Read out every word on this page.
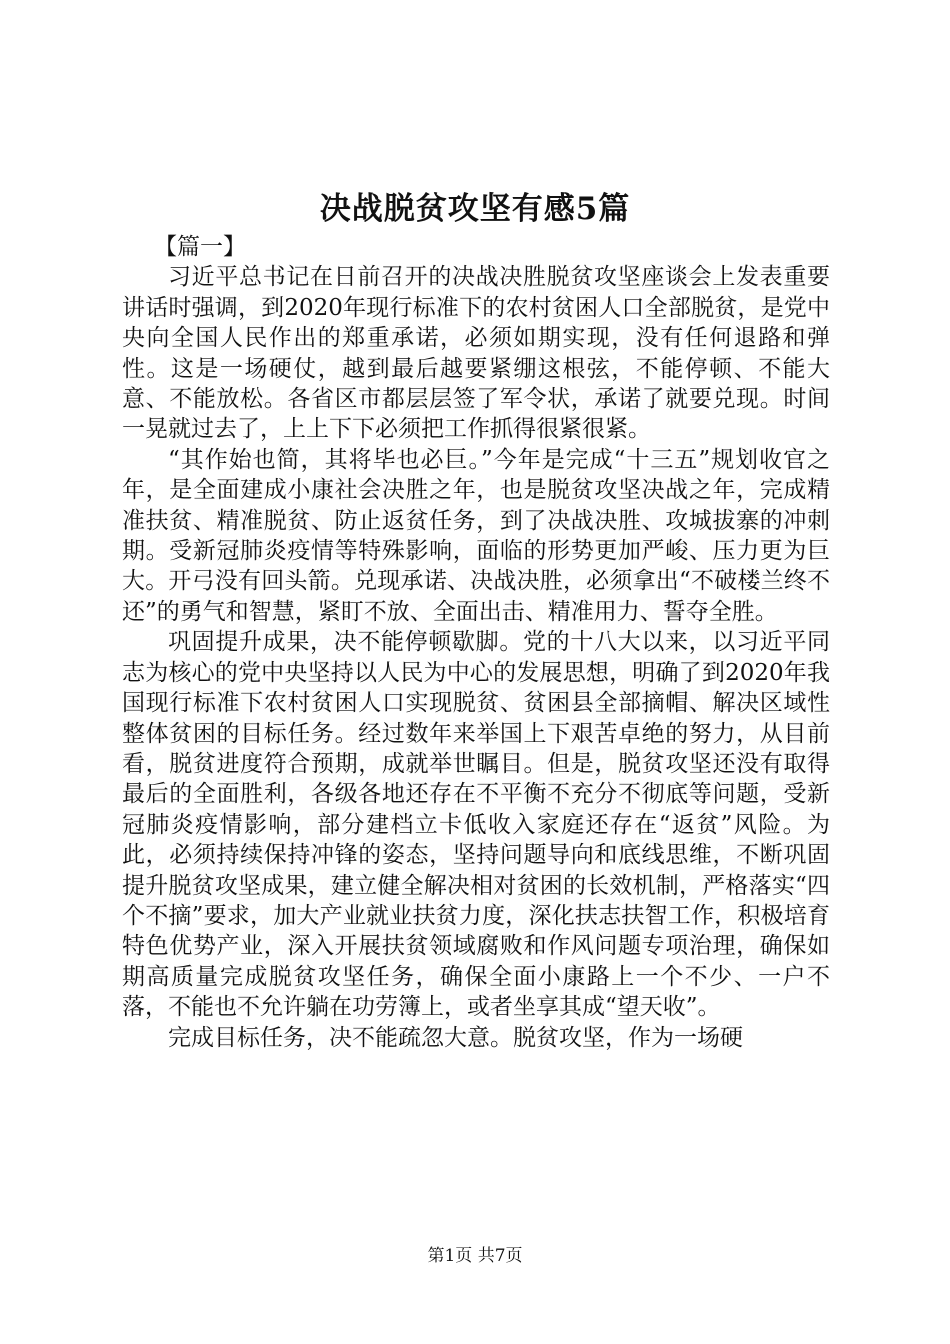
决战脱贫攻坚有感5篇

【篇一】

习近平总书记在日前召开的决战决胜脱贫攻坚座谈会上发表重要讲话时强调，到2020年现行标准下的农村贫困人口全部脱贫，是党中央向全国人民作出的郑重承诺，必须如期实现，没有任何退路和弹性。这是一场硬仗，越到最后越要紧绷这根弦，不能停顿、不能大意、不能放松。各省区市都层层签了军令状，承诺了就要兑现。时间一晃就过去了，上上下下必须把工作抓得很紧很紧。

“其作始也简，其将毕也必巨。”今年是完成“十三五”规划收官之年，是全面建成小康社会决胜之年，也是脱贫攻坚决战之年，完成精准扶贫、精准脱贫、防止返贫任务，到了决战决胜、攻城拔寨的冲刺期。受新冠肺炎疫情等特殊影响，面临的形势更加严峻、压力更为巨大。开弓没有回头箭。兑现承诺、决战决胜，必须拿出“不破楼兰终不还”的勇气和智慧，紧盯不放、全面出击、精准用力、誓夺全胜。

巩固提升成果，决不能停顿歇脚。党的十八大以来，以习近平同志为核心的党中央坚持以人民为中心的发展思想，明确了到2020年我国现行标准下农村贫困人口实现脱贫、贫困县全部摘帽、解决区域性整体贫困的目标任务。经过数年来举国上下艰苦卓绝的努力，从目前看，脱贫进度符合预期，成就举世瞩目。但是，脱贫攻坚还没有取得最后的全面胜利，各级各地还存在不平衡不充分不彻底等问题，受新冠肺炎疫情影响，部分建档立卡低收入家庭还存在“返贫”风险。为此，必须持续保持冲锋的姿态，坚持问题导向和底线思维，不断巩固提升脱贫攻坚成果，建立健全解决相对贫困的长效机制，严格落实“四个不摘”要求，加大产业就业扶贫力度，深化扶志扶智工作，积极培育特色优势产业，深入开展扶贫领域腐败和作风问题专项治理，确保如期高质量完成脱贫攻坚任务，确保全面小康路上一个不少、一户不落，不能也不允许躺在功劳簿上，或者坐享其成“望天收”。

完成目标任务，决不能疏忽大意。脱贫攻坚，作为一场硬

第1页 共7页
